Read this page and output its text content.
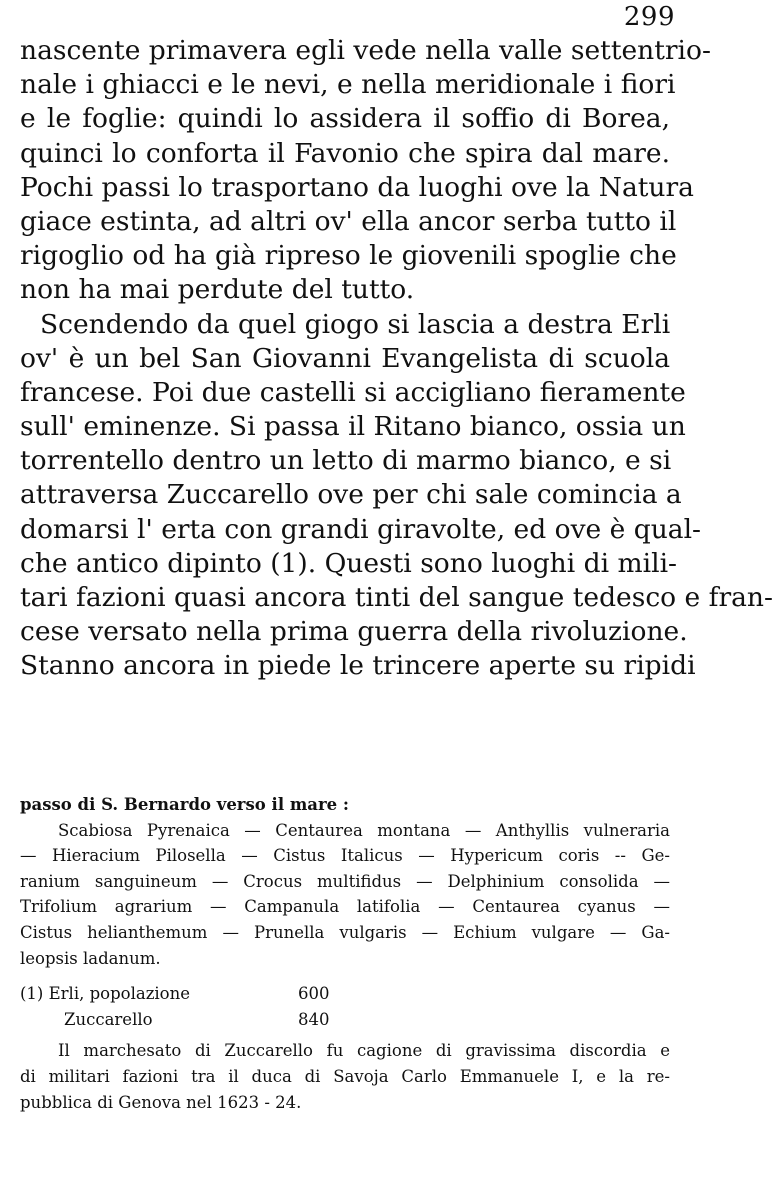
299
nascente primavera egli vede nella valle settentrio-
nale i ghiacci e le nevi, e nella meridionale i fiori
e le foglie: quindi lo assidera il soffio di Borea,
quinci lo conforta il Favonio che spira dal mare.
Pochi passi lo trasportano da luoghi ove la Natura
giace estinta, ad altri ov' ella ancor serba tutto il
rigoglio od ha già ripreso le giovenili spoglie che
non ha mai perdute del tutto.
Scendendo da quel giogo si lascia a destra Erli
ov' è un bel San Giovanni Evangelista di scuola
francese. Poi due castelli si accigliano fieramente
sull' eminenze. Si passa il Ritano bianco, ossia un
torrentello dentro un letto di marmo bianco, e si
attraversa Zuccarello ove per chi sale comincia a
domarsi l' erta con grandi giravolte, ed ove è qual-
che antico dipinto (1). Questi sono luoghi di mili-
tari fazioni quasi ancora tinti del sangue tedesco e fran-
cese versato nella prima guerra della rivoluzione.
Stanno ancora in piede le trincere aperte su ripidi
passo di S. Bernardo verso il mare :
Scabiosa Pyrenaica — Centaurea montana — Anthyllis vulneraria
— Hieracium Pilosella — Cistus Italicus — Hypericum coris -- Ge-
ranium sanguineum — Crocus multifidus — Delphinium consolida —
Trifolium agrarium — Campanula latifolia — Centaurea cyanus —
Cistus helianthemum — Prunella vulgaris — Echium vulgare — Ga-
leopsis ladanum.
(1) Erli, popolazione	600
Zuccarello	840
Il marchesato di Zuccarello fu cagione di gravissima discordia e
di militari fazioni tra il duca di Savoja Carlo Emmanuele I, e la re-
pubblica di Genova nel 1623 - 24.
